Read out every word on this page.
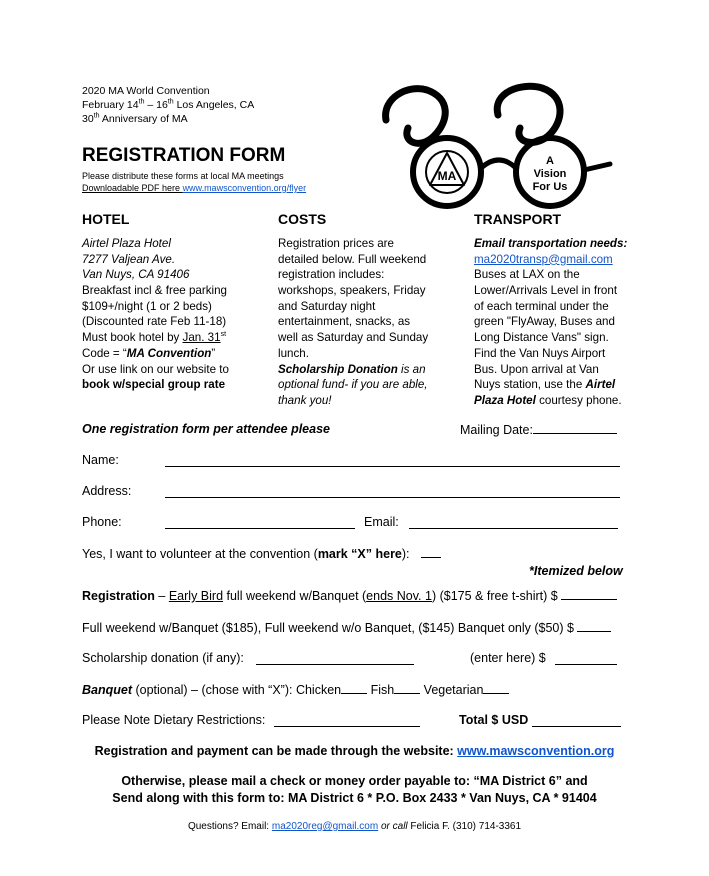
2020 MA World Convention
February 14th – 16th Los Angeles, CA
30th Anniversary of MA
REGISTRATION FORM
Please distribute these forms at local MA meetings
Downloadable PDF here www.mawsconvention.org/flyer
MA
A
Vision
For Us
HOTEL	COSTS	TRANSPORT
Airtel Plaza Hotel
7277 Valjean Ave.
Van Nuys, CA 91406
Breakfast incl & free parking
$109+/night (1 or 2 beds)
(Discounted rate Feb 11-18)
Must book hotel by Jan. 31st
Code = “MA Convention”
Or use link on our website to
book w/special group rate
Registration prices are
detailed below. Full weekend
registration includes:
workshops, speakers, Friday
and Saturday night
entertainment, snacks, as
well as Saturday and Sunday
lunch.
Scholarship Donation is an
optional fund- if you are able,
thank you!
Email transportation needs:
ma2020transp@gmail.com
Buses at LAX on the
Lower/Arrivals Level in front
of each terminal under the
green "FlyAway, Buses and
Long Distance Vans" sign.
Find the Van Nuys Airport
Bus. Upon arrival at Van
Nuys station, use the Airtel
Plaza Hotel courtesy phone.
One registration form per attendee please	Mailing Date:
Name:
Address:
Phone:	Email:
Yes, I want to volunteer at the convention (mark “X” here):
*Itemized below
Registration – Early Bird full weekend w/Banquet (ends Nov. 1) ($175 & free t-shirt) $
Full weekend w/Banquet ($185), Full weekend w/o Banquet, ($145) Banquet only ($50) $
Scholarship donation (if any):	(enter here) $
Banquet (optional) – (chose with “X”): Chicken Fish Vegetarian
Please Note Dietary Restrictions:	Total $ USD
Registration and payment can be made through the website: www.mawsconvention.org
Otherwise, please mail a check or money order payable to: “MA District 6” and
Send along with this form to: MA District 6 * P.O. Box 2433 * Van Nuys, CA * 91404
Questions? Email: ma2020reg@gmail.com or call Felicia F. (310) 714-3361
